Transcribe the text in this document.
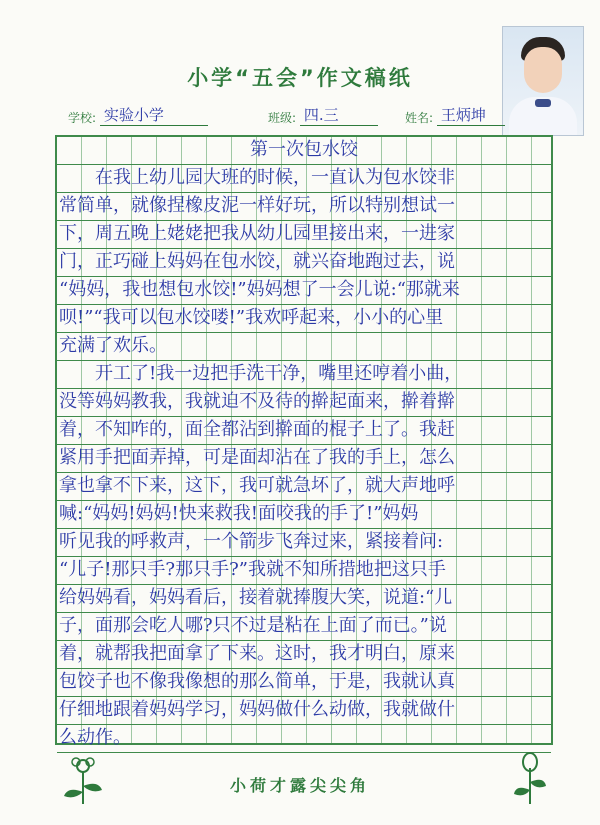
小学“五会”作文稿纸
学校: 实验小学	班级: 四.三	姓名: 王炳坤
第一次包水饺
　　在我上幼儿园大班的时候，一直认为包水饺非
常简单，就像捏橡皮泥一样好玩，所以特别想试一
下，周五晚上姥姥把我从幼儿园里接出来，一进家
门，正巧碰上妈妈在包水饺，就兴奋地跑过去，说
“妈妈，我也想包水饺!”妈妈想了一会儿说:“那就来
呗!”“我可以包水饺喽!”我欢呼起来，小小的心里
充满了欢乐。
　　开工了!我一边把手洗干净，嘴里还哼着小曲，
没等妈妈教我，我就迫不及待的擀起面来，擀着擀
着，不知咋的，面全都沾到擀面的棍子上了。我赶
紧用手把面弄掉，可是面却沾在了我的手上，怎么
拿也拿不下来，这下，我可就急坏了，就大声地呼
喊:“妈妈!妈妈!快来救我!面咬我的手了!”妈妈
听见我的呼救声，一个箭步飞奔过来，紧接着问:
“儿子!那只手?那只手?”我就不知所措地把这只手
给妈妈看，妈妈看后，接着就捧腹大笑，说道:“儿
子，面那会吃人哪?只不过是粘在上面了而已。”说
着，就帮我把面拿了下来。这时，我才明白，原来
包饺子也不像我像想的那么简单，于是，我就认真
仔细地跟着妈妈学习，妈妈做什么动做，我就做什
么动作。
小荷才露尖尖角
